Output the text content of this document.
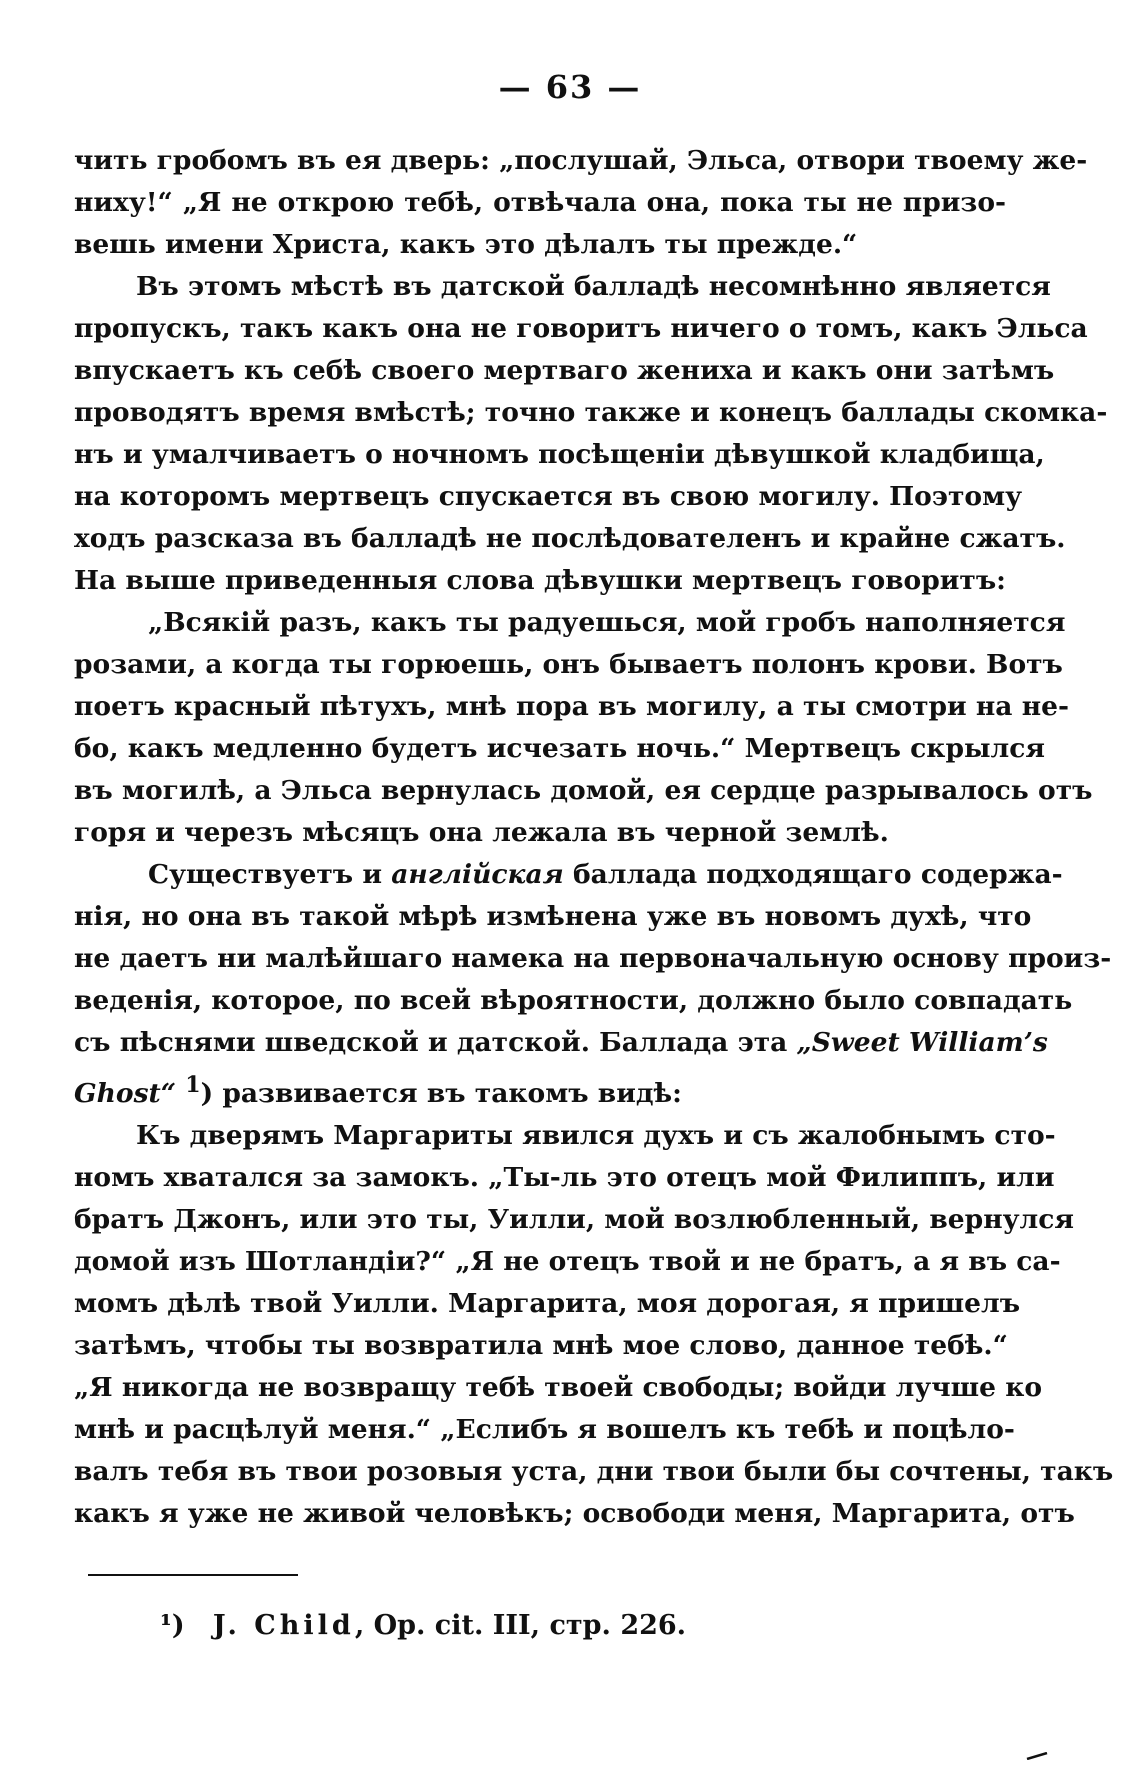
— 63 —
чить гробомъ въ ея дверь: „послушай, Эльса, отвори твоему же-
ниху!“ „Я не открою тебѣ, отвѣчала она, пока ты не призо-
вешь имени Христа, какъ это дѣлалъ ты прежде.“
Въ этомъ мѣстѣ въ датской балладѣ несомнѣнно является
пропускъ, такъ какъ она не говоритъ ничего о томъ, какъ Эльса
впускаетъ къ себѣ своего мертваго жениха и какъ они затѣмъ
проводятъ время вмѣстѣ; точно также и конецъ баллады скомка-
нъ и умалчиваетъ о ночномъ посѣщеніи дѣвушкой кладбища,
на которомъ мертвецъ спускается въ свою могилу. Поэтому
ходъ разсказа въ балладѣ не послѣдователенъ и крайне сжатъ.
На выше приведенныя слова дѣвушки мертвецъ говоритъ:
„Всякій разъ, какъ ты радуешься, мой гробъ наполняется
розами, а когда ты горюешь, онъ бываетъ полонъ крови. Вотъ
поетъ красный пѣтухъ, мнѣ пора въ могилу, а ты смотри на не-
бо, какъ медленно будетъ исчезать ночь.“ Мертвецъ скрылся
въ могилѣ, а Эльса вернулась домой, ея сердце разрывалось отъ
горя и черезъ мѣсяцъ она лежала въ черной землѣ.
Существуетъ и англійская баллада подходящаго содержа-
нія, но она въ такой мѣрѣ измѣнена уже въ новомъ духѣ, что
не даетъ ни малѣйшаго намека на первоначальную основу произ-
веденія, которое, по всей вѣроятности, должно было совпадать
съ пѣснями шведской и датской. Баллада эта „Sweet William’s
Ghost“ $^1$) развивается въ такомъ видѣ:
Къ дверямъ Маргариты явился духъ и съ жалобнымъ сто-
номъ хватался за замокъ. „Ты-ль это отецъ мой Филиппъ, или
братъ Джонъ, или это ты, Уилли, мой возлюбленный, вернулся
домой изъ Шотландіи?“ „Я не отецъ твой и не братъ, а я въ са-
момъ дѣлѣ твой Уилли. Маргарита, моя дорогая, я пришелъ
затѣмъ, чтобы ты возвратила мнѣ мое слово, данное тебѣ.“
„Я никогда не возвращу тебѣ твоей свободы; войди лучше ко
мнѣ и расцѣлуй меня.“ „Еслибъ я вошелъ къ тебѣ и поцѣло-
валъ тебя въ твои розовыя уста, дни твои были бы сочтены, такъ
какъ я уже не живой человѣкъ; освободи меня, Маргарита, отъ
¹) J. Child, Op. cit. III, стр. 226.
